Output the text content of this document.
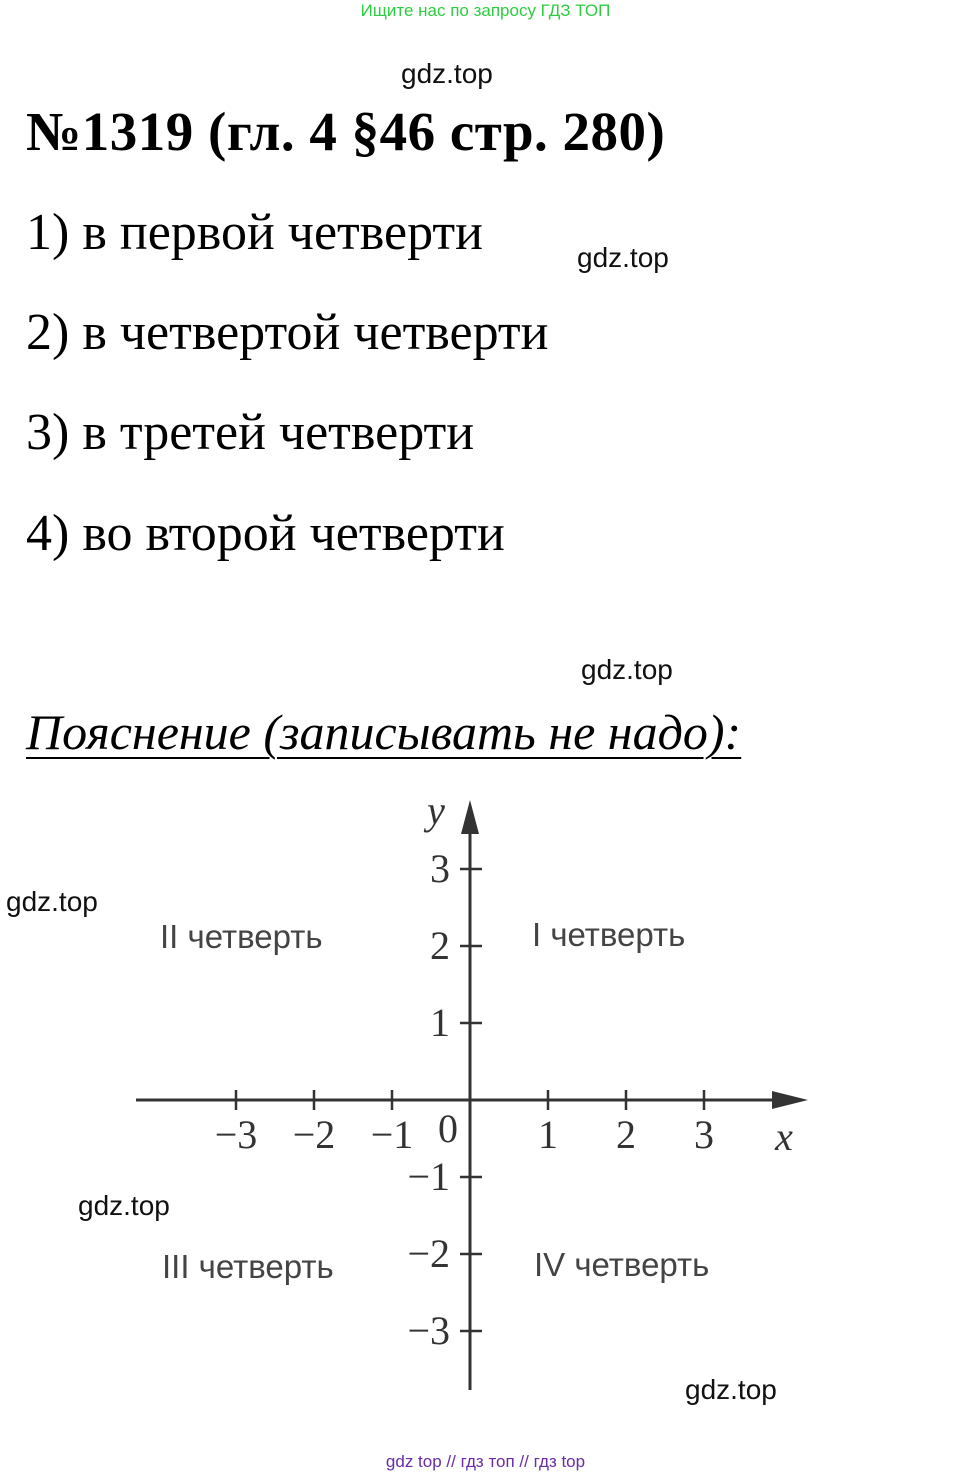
Ищите нас по запросу ГДЗ ТОП
gdz.top
№1319 (гл. 4 §46 стр. 280)
1) в первой четверти	gdz.top
2) в четвертой четверти
3) в третей четверти
4) во второй четверти
gdz.top
Пояснение (записывать не надо):
−3 −2 −1	1 2 3
3
2
1
−1
−2
−3
0	x
y
I четверть
II четверть
III четверть	IV четверть
gdz.top
gdz.top
gdz.top
gdz top // гдз топ // гдз top
